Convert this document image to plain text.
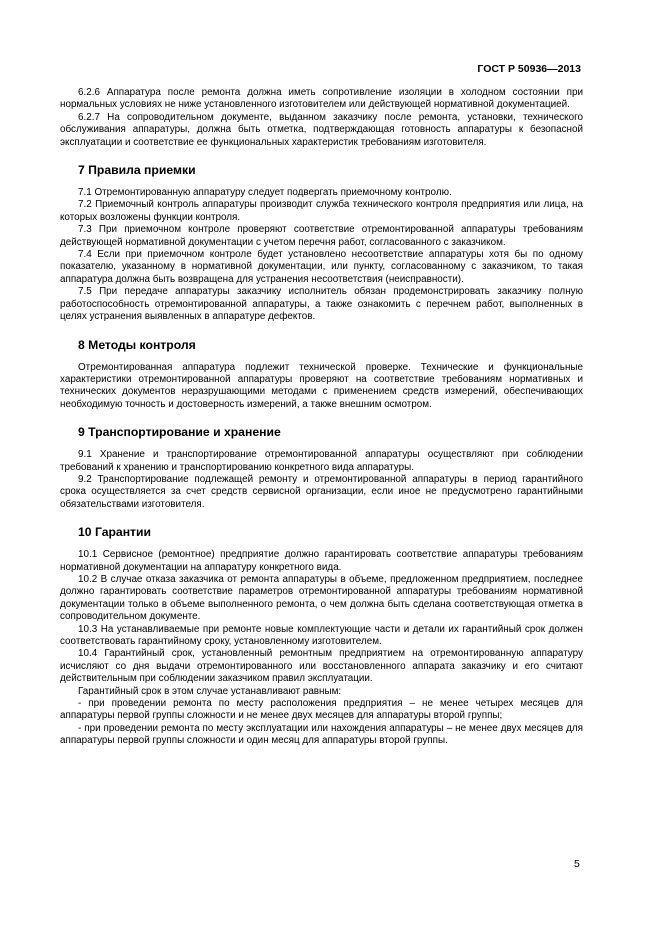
ГОСТ Р 50936—2013

6.2.6 Аппаратура после ремонта должна иметь сопротивление изоляции в холодном состоянии при нормальных условиях не ниже установленного изготовителем или действующей нормативной документацией.

6.2.7 На сопроводительном документе, выданном заказчику после ремонта, установки, технического обслуживания аппаратуры, должна быть отметка, подтверждающая готовность аппаратуры к безопасной эксплуатации и соответствие ее функциональных характеристик требованиям изготовителя.

7 Правила приемки

7.1 Отремонтированную аппаратуру следует подвергать приемочному контролю.

7.2 Приемочный контроль аппаратуры производит служба технического контроля предприятия или лица, на которых возложены функции контроля.

7.3 При приемочном контроле проверяют соответствие отремонтированной аппаратуры требованиям действующей нормативной документации с учетом перечня работ, согласованного с заказчиком.

7.4 Если при приемочном контроле будет установлено несоответствие аппаратуры хотя бы по одному показателю, указанному в нормативной документации, или пункту, согласованному с заказчиком, то такая аппаратура должна быть возвращена для устранения несоответствия (неисправности).

7.5 При передаче аппаратуры заказчику исполнитель обязан продемонстрировать заказчику полную работоспособность отремонтированной аппаратуры, а также ознакомить с перечнем работ, выполненных в целях устранения выявленных в аппаратуре дефектов.

8 Методы контроля

Отремонтированная аппаратура подлежит технической проверке. Технические и функциональные характеристики отремонтированной аппаратуры проверяют на соответствие требованиям нормативных и технических документов неразрушающими методами с применением средств измерений, обеспечивающих необходимую точность и достоверность измерений, а также внешним осмотром.

9 Транспортирование и хранение

9.1 Хранение и транспортирование отремонтированной аппаратуры осуществляют при соблюдении требований к хранению и транспортированию конкретного вида аппаратуры.

9.2 Транспортирование подлежащей ремонту и отремонтированной аппаратуры в период гарантийного срока осуществляется за счет средств сервисной организации, если иное не предусмотрено гарантийными обязательствами изготовителя.

10 Гарантии

10.1 Сервисное (ремонтное) предприятие должно гарантировать соответствие аппаратуры требованиям нормативной документации на аппаратуру конкретного вида.

10.2 В случае отказа заказчика от ремонта аппаратуры в объеме, предложенном предприятием, последнее должно гарантировать соответствие параметров отремонтированной аппаратуры требованиям нормативной документации только в объеме выполненного ремонта, о чем должна быть сделана соответствующая отметка в сопроводительном документе.

10.3 На устанавливаемые при ремонте новые комплектующие части и детали их гарантийный срок должен соответствовать гарантийному сроку, установленному изготовителем.

10.4 Гарантийный срок, установленный ремонтным предприятием на отремонтированную аппаратуру исчисляют со дня выдачи отремонтированного или восстановленного аппарата заказчику и его считают действительным при соблюдении заказчиком правил эксплуатации.

Гарантийный срок в этом случае устанавливают равным:

- при проведении ремонта по месту расположения предприятия – не менее четырех месяцев для аппаратуры первой группы сложности и не менее двух месяцев для аппаратуры второй группы;

- при проведении ремонта по месту эксплуатации или нахождения аппаратуры – не менее двух месяцев для аппаратуры первой группы сложности и один месяц для аппаратуры второй группы.

5
